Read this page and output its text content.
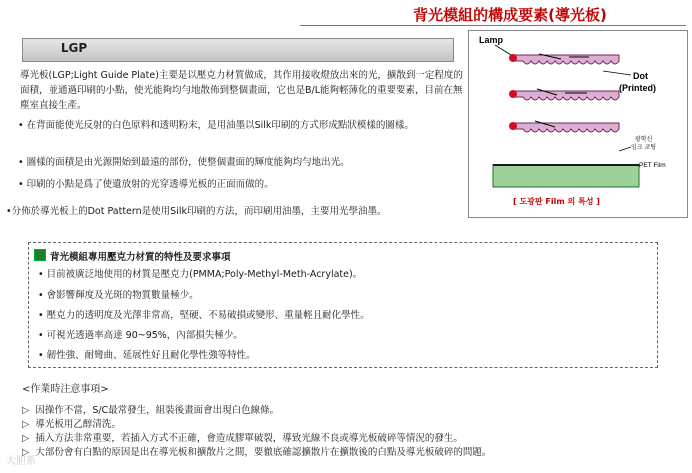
背光模組的構成要素(導光板)
LGP
導光板(LGP;Light Guide Plate)主要是以壓克力材質做成，其作用接收燈放出來的光，擴散到一定程度的面積，並通過印刷的小點，使光能夠均勻地散佈到整個畫面，它也是B/L能夠輕薄化的重要要素，目前在無塵室直接生產。
• 在背面能使光反射的白色原料和透明粉末，是用油墨以Silk印刷的方式形成點狀模樣的圖樣。
• 圖樣的面積是由光源開始到最遠的部份，使整個畫面的輝度能夠均勻地出光。
• 印刷的小點是爲了使遺放射的光穿透導光板的正面而做的。
•分佈於導光板上的Dot Pattern是使用Silk印刷的方法，而印刷用油墨，主要用光學油墨。
Lamp
Dot
(Printed)
광학신
잉크 코팅
PET Film
[ 도광판 Film 의 특성 ]
背光模組專用壓克力材質的特性及要求事項
• 目前被廣泛地使用的材質是壓克力(PMMA;Poly-Methyl-Meth-Acrylate)。
• 會影響輝度及光斑的物質數量極少。
• 壓克力的透明度及光澤非常高，堅硬、不易破損或變形、重量輕且耐化學性。
• 可視光透過率高達 90~95%，內部損失極少。
• 韌性強、耐彎曲、延展性好且耐化學性強等特性。
<作業時注意事項>
▷ 因操作不當，S/C最常發生，組裝後畫面會出現白色線條。
▷ 導光板用乙醇清洗。
▷ 插入方法非常重要，若插入方式不正確，會造成膠單破裂，導致光線不良或導光板破碎等情況的發生。
▷ 大部份會有白點的原因是出在導光板和擴散片之間，要徹底確認擴散片在擴散後的白點及導光板破碎的問題。
大胆系
